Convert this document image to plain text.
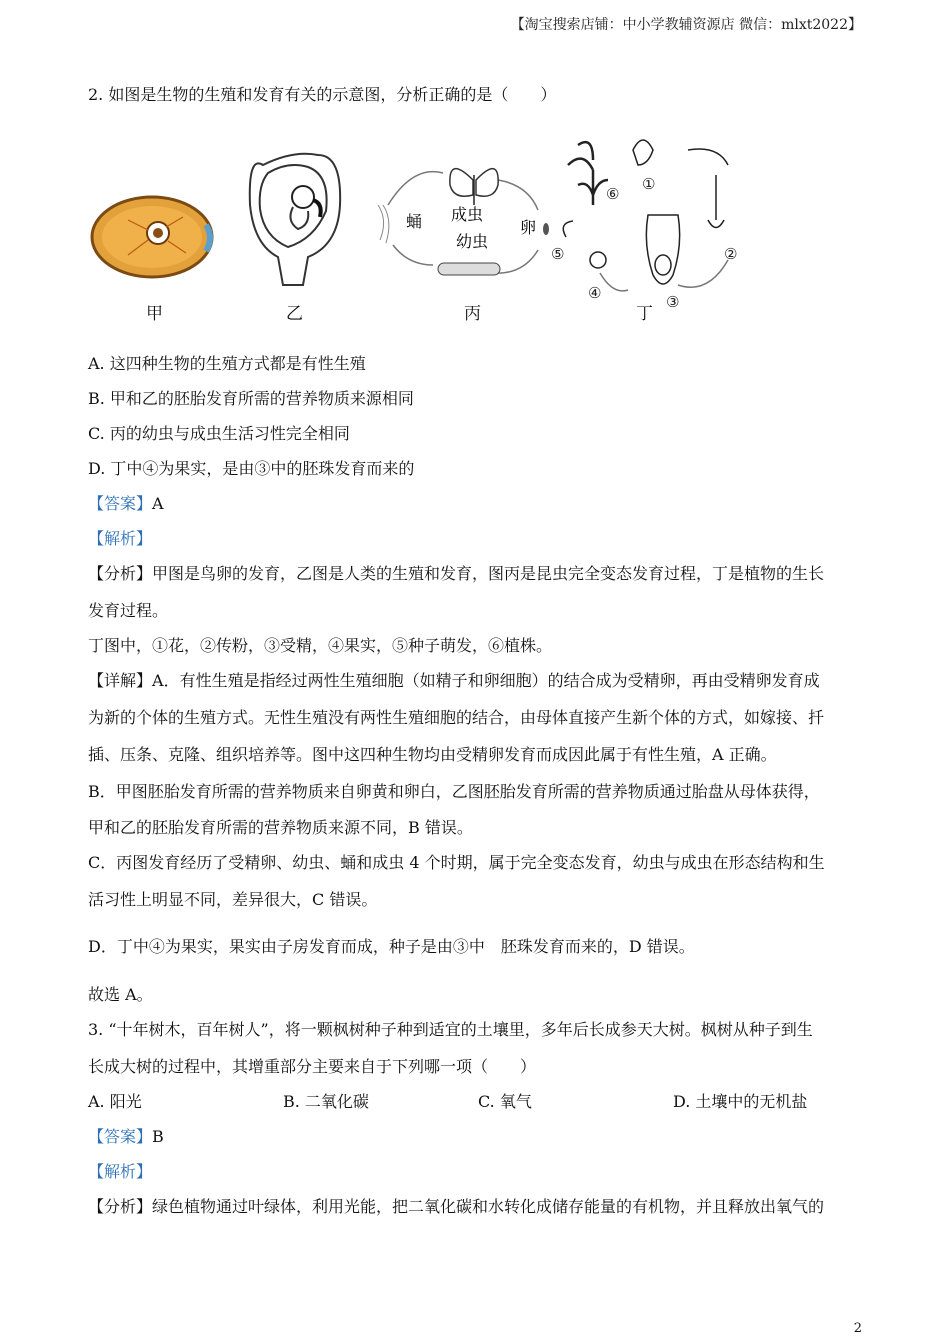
【淘宝搜索店铺：中小学教辅资源店 微信：mlxt2022】
2. 如图是生物的生殖和发育有关的示意图，分析正确的是（　　）
成虫
幼虫
蛹	卵
①
②
③
④
⑤
⑥
甲	乙	丙	丁
A. 这四种生物的生殖方式都是有性生殖
B. 甲和乙的胚胎发育所需的营养物质来源相同
C. 丙的幼虫与成虫生活习性完全相同
D. 丁中④为果实，是由③中的胚珠发育而来的
【答案】A
【解析】
【分析】甲图是鸟卵的发育，乙图是人类的生殖和发育，图丙是昆虫完全变态发育过程，丁是植物的生长
发育过程。
丁图中，①花，②传粉，③受精，④果实，⑤种子萌发，⑥植株。
【详解】A．有性生殖是指经过两性生殖细胞（如精子和卵细胞）的结合成为受精卵，再由受精卵发育成
为新的个体的生殖方式。无性生殖没有两性生殖细胞的结合，由母体直接产生新个体的方式，如嫁接、扦
插、压条、克隆、组织培养等。图中这四种生物均由受精卵发育而成因此属于有性生殖，A 正确。
B．甲图胚胎发育所需的营养物质来自卵黄和卵白，乙图胚胎发育所需的营养物质通过胎盘从母体获得，
甲和乙的胚胎发育所需的营养物质来源不同，B 错误。
C．丙图发育经历了受精卵、幼虫、蛹和成虫 4 个时期，属于完全变态发育，幼虫与成虫在形态结构和生
活习性上明显不同，差异很大，C 错误。
D．丁中④为果实，果实由子房发育而成，种子是由③中　胚珠发育而来的，D 错误。
故选 A。
3. “十年树木，百年树人”，将一颗枫树种子种到适宜的土壤里，多年后长成参天大树。枫树从种子到生
长成大树的过程中，其增重部分主要来自于下列哪一项（　　）
A. 阳光	B. 二氧化碳	C. 氧气	D. 土壤中的无机盐
【答案】B
【解析】
【分析】绿色植物通过叶绿体，利用光能，把二氧化碳和水转化成储存能量的有机物，并且释放出氧气的
2
